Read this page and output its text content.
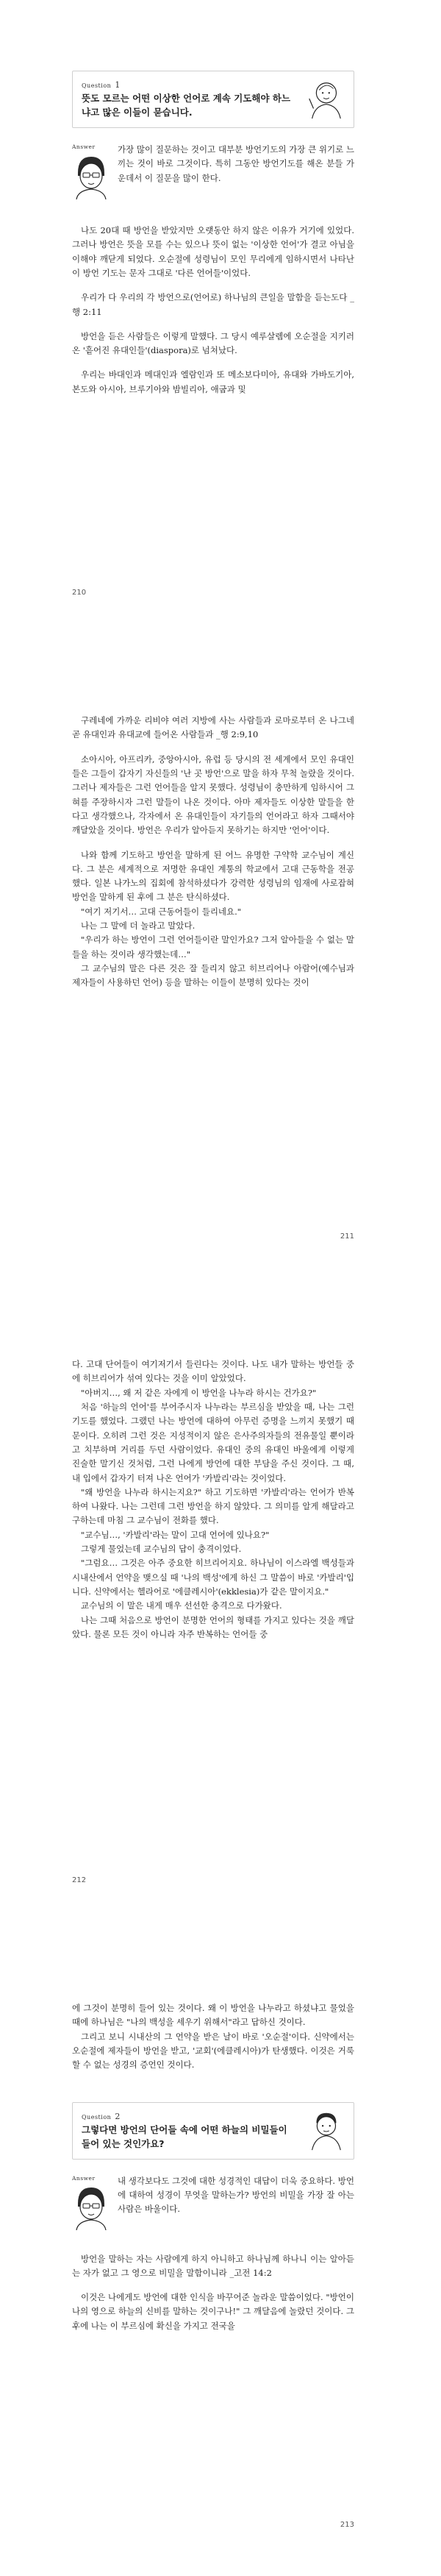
Question 1
뜻도 모르는 어떤 이상한 언어로 계속 기도해야 하느냐고 많은 이들이 묻습니다.
Answer	가장 많이 질문하는 것이고 대부분 방언기도의 가장 큰 위기로 느끼는 것이 바로 그것이다. 특히 그동안 방언기도를 해온 분들 가운데서 이 질문을 많이 한다.

나도 20대 때 방언을 받았지만 오랫동안 하지 않은 이유가 거기에 있었다. 그러나 방언은 뜻을 모를 수는 있으나 뜻이 없는 '이상한 언어'가 결코 아님을 이해야 깨닫게 되었다. 오순절에 성령님이 모인 무리에게 임하시면서 나타난 이 방언 기도는 문자 그대로 '다른 언어들'이었다.

우리가 다 우리의 각 방언으로(언어로) 하나님의 큰일을 말함을 듣는도다 _행 2:11

방언을 듣은 사람들은 이렇게 말했다. 그 당시 예루살렘에 오순절을 지키러 온 '흩어진 유대인들'(diaspora)로 넘쳐났다.

우리는 바대인과 메대인과 엘람인과 또 메소보다미아, 유대와 가바도기아, 본도와 아시아, 브루기아와 밤빌리아, 애굽과 및

210

구레네에 가까운 리비야 여러 지방에 사는 사람들과 로마로부터 온 나그네 곧 유대인과 유대교에 들어온 사람들과 _행 2:9,10

소아시아, 아프리카, 중앙아시아, 유럽 등 당시의 전 세계에서 모인 유대인들은 그들이 갑자기 자신들의 '난 곳 방언'으로 말을 하자 무척 놀랐을 것이다. 그러나 제자들은 그런 언어들을 알지 못했다. 성령님이 충만하게 임하시어 그 혀를 주장하시자 그런 말들이 나온 것이다. 아마 제자들도 이상한 말들을 한다고 생각했으나, 각자에서 온 유대인들이 자기들의 언어라고 하자 그때서야 깨달았을 것이다. 방언은 우리가 알아듣지 못하기는 하지만 '언어'이다.

나와 함께 기도하고 방언을 말하게 된 어느 유명한 구약학 교수님이 계신다. 그 분은 세계적으로 저명한 유대인 계통의 학교에서 고대 근동학을 전공했다. 일본 나가노의 집회에 참석하셨다가 강력한 성령님의 임재에 사로잡혀 방언을 말하게 된 후에 그 분은 탄식하셨다.

"여기 저기서… 고대 근동어들이 들리네요."

나는 그 말에 더 놀라고 말았다.

"우리가 하는 방언이 그런 언어들이란 말인가요? 그저 알아들을 수 없는 말들을 하는 것이라 생각했는데…"

그 교수님의 말은 다른 것은 잘 들리지 않고 히브리어나 아람어(예수님과 제자들이 사용하던 언어) 등을 말하는 이들이 분명히 있다는 것이

211

다. 고대 단어들이 여기저기서 들린다는 것이다. 나도 내가 말하는 방언들 중에 히브리어가 섞여 있다는 것을 이미 알았었다.

"아버지…, 왜 저 같은 자에게 이 방언을 나누라 하시는 건가요?"

처음 '하늘의 언어'를 부어주시자 나누라는 부르심을 받았을 때, 나는 그런 기도를 했었다. 그랬던 나는 방언에 대하여 아무런 증명을 느끼지 못했기 때문이다. 오히려 그런 것은 지성적이지 않은 은사주의자들의 전유물일 뿐이라고 치부하며 거리를 두던 사람이었다. 유대인 중의 유대인 바울에게 이렇게 진술한 말기신 것처럼, 그런 나에게 방언에 대한 부담을 주신 것이다. 그 때, 내 입에서 갑자기 터져 나온 언어가 '카발리'라는 것이었다.

"왜 방언을 나누라 하시는지요?" 하고 기도하면 '카발리'라는 언어가 반복하여 나왔다. 나는 그런데 그런 방언을 하지 않았다. 그 의미를 알게 해달라고 구하는데 마침 그 교수님이 전화를 했다.

"교수님…, '카발리'라는 말이 고대 언어에 있나요?"

그렇게 물었는데 교수님의 답이 충격이었다.

"그럼요… 그것은 아주 중요한 히브리어지요. 하나님이 이스라엘 백성들과 시내산에서 언약을 맺으실 때 '나의 백성'에게 하신 그 말씀이 바로 '카발리'입니다. 신약에서는 헬라어로 '에클레시아'(ekklesia)가 같은 말이지요."

교수님의 이 말은 내게 매우 선선한 충격으로 다가왔다.

나는 그때 처음으로 방언이 분명한 언어의 형태를 가지고 있다는 것을 깨달았다. 물론 모든 것이 아니라 자주 반복하는 언어들 중

212

에 그것이 분명히 들어 있는 것이다. 왜 이 방언을 나누라고 하셨냐고 물었을 때에 하나님은 "나의 백성을 세우기 위해서"라고 답하신 것이다.

그리고 보니 시내산의 그 언약을 받은 날이 바로 '오순절'이다. 신약에서는 오순절에 제자들이 방언을 받고, '교회'(에클레시아)가 탄생했다. 이것은 거룩할 수 없는 성경의 증언인 것이다.

Question 2
그렇다면 방언의 단어들 속에 어떤 하늘의 비밀들이 들어 있는 것인가요?
Answer	내 생각보다도 그것에 대한 성경적인 대답이 더욱 중요하다. 방언에 대하여 성경이 무엇을 말하는가? 방언의 비밀을 가장 잘 아는 사람은 바울이다.

방언을 말하는 자는 사람에게 하지 아니하고 하나님께 하나니 이는 알아듣는 자가 없고 그 영으로 비밀을 말함이니라 _고전 14:2

이것은 나에게도 방언에 대한 인식을 바꾸어준 놀라운 말씀이었다. "방언이 나의 영으로 하늘의 신비를 말하는 것이구나!" 그 깨달음에 놀랐던 것이다. 그 후에 나는 이 부르심에 확신을 가지고 전국을

213
